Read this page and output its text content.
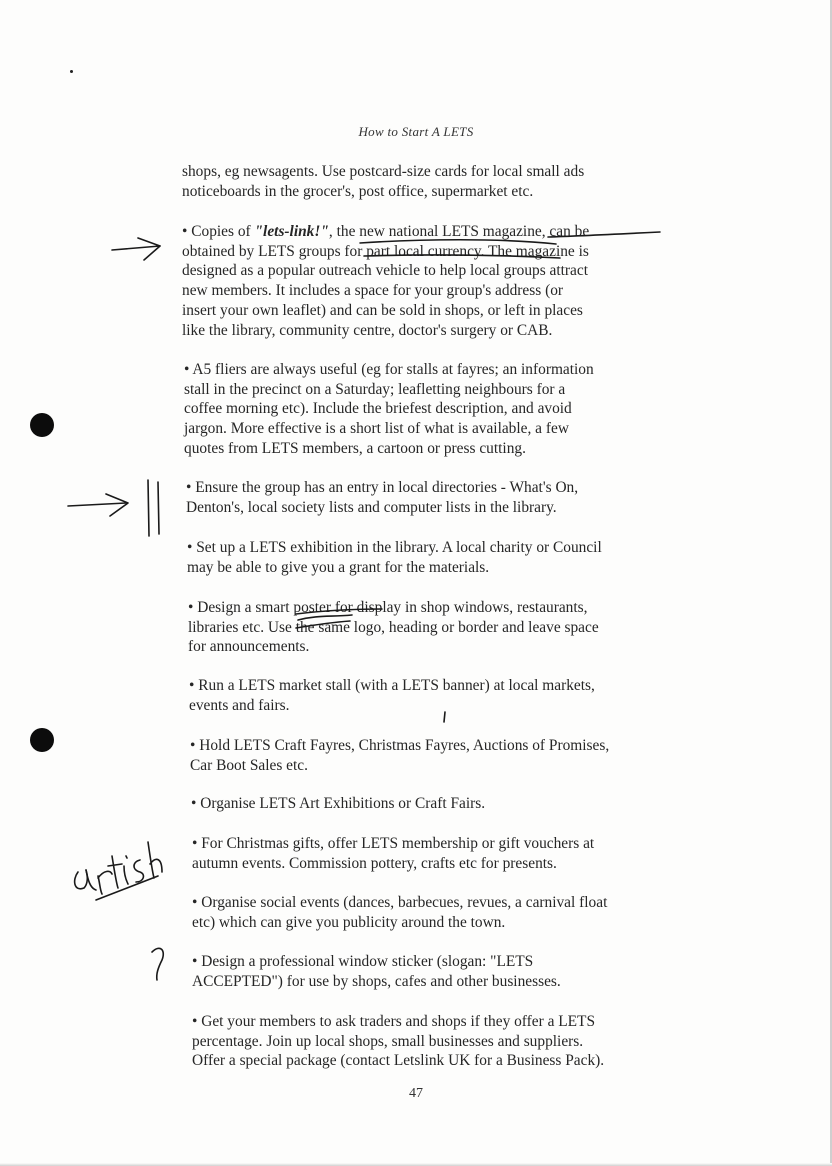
How to Start A LETS

shops, eg newsagents. Use postcard-size cards for local small ads
noticeboards in the grocer's, post office, supermarket etc.

• Copies of "lets-link!", the new national LETS magazine, can be
obtained by LETS groups for part local currency. The magazine is
designed as a popular outreach vehicle to help local groups attract
new members. It includes a space for your group's address (or
insert your own leaflet) and can be sold in shops, or left in places
like the library, community centre, doctor's surgery or CAB.

• A5 fliers are always useful (eg for stalls at fayres; an information
stall in the precinct on a Saturday; leafletting neighbours for a
coffee morning etc). Include the briefest description, and avoid
jargon. More effective is a short list of what is available, a few
quotes from LETS members, a cartoon or press cutting.

• Ensure the group has an entry in local directories - What's On,
Denton's, local society lists and computer lists in the library.

• Set up a LETS exhibition in the library. A local charity or Council
may be able to give you a grant for the materials.

• Design a smart poster for display in shop windows, restaurants,
libraries etc. Use the same logo, heading or border and leave space
for announcements.

• Run a LETS market stall (with a LETS banner) at local markets,
events and fairs.

• Hold LETS Craft Fayres, Christmas Fayres, Auctions of Promises,
Car Boot Sales etc.

• Organise LETS Art Exhibitions or Craft Fairs.

• For Christmas gifts, offer LETS membership or gift vouchers at
autumn events. Commission pottery, crafts etc for presents.

• Organise social events (dances, barbecues, revues, a carnival float
etc) which can give you publicity around the town.

• Design a professional window sticker (slogan: "LETS
ACCEPTED") for use by shops, cafes and other businesses.

• Get your members to ask traders and shops if they offer a LETS
percentage. Join up local shops, small businesses and suppliers.
Offer a special package (contact Letslink UK for a Business Pack).

47
